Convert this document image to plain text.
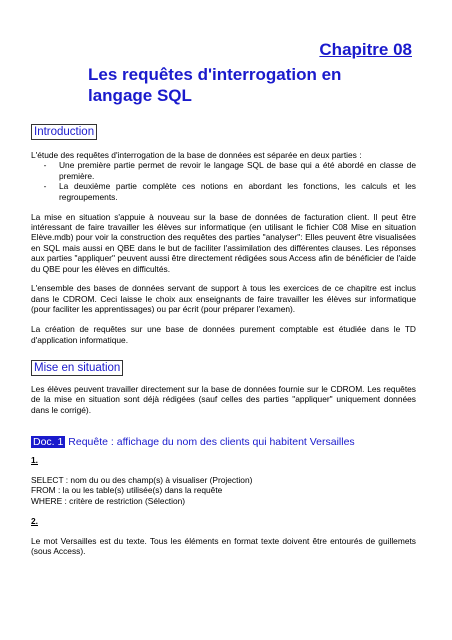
Chapitre 08
Les requêtes d'interrogation en langage SQL
Introduction

L'étude des requêtes d'interrogation de la base de données est séparée en deux parties :

- Une première partie permet de revoir le langage SQL de base qui a été abordé en classe de première.
- La deuxième partie complète ces notions en abordant les fonctions, les calculs et les regroupements.

La mise en situation s'appuie à nouveau sur la base de données de facturation client. Il peut être intéressant de faire travailler les élèves sur informatique (en utilisant le fichier C08 Mise en situation Elève.mdb) pour voir la construction des requêtes des parties "analyser": Elles peuvent être visualisées en SQL mais aussi en QBE dans le but de faciliter l'assimilation des différentes clauses. Les réponses aux parties "appliquer" peuvent aussi être directement rédigées sous Access afin de bénéficier de l'aide du QBE pour les élèves en difficultés.

L'ensemble des bases de données servant de support à tous les exercices de ce chapitre est inclus dans le CDROM. Ceci laisse le choix aux enseignants de faire travailler les élèves sur informatique (pour faciliter les apprentissages) ou par écrit (pour préparer l'examen).

La création de requêtes sur une base de données purement comptable est étudiée dans le TD d'application informatique.

Mise en situation

Les élèves peuvent travailler directement sur la base de données fournie sur le CDROM. Les requêtes de la mise en situation sont déjà rédigées (sauf celles des parties "appliquer" uniquement données dans le corrigé).

Doc. 1 Requête : affichage du nom des clients qui habitent Versailles

1.

SELECT : nom du ou des champ(s) à visualiser (Projection)

FROM : la ou les table(s) utilisée(s) dans la requête

WHERE : critère de restriction (Sélection)

2.

Le mot Versailles est du texte. Tous les éléments en format texte doivent être entourés de guillemets (sous Access).
